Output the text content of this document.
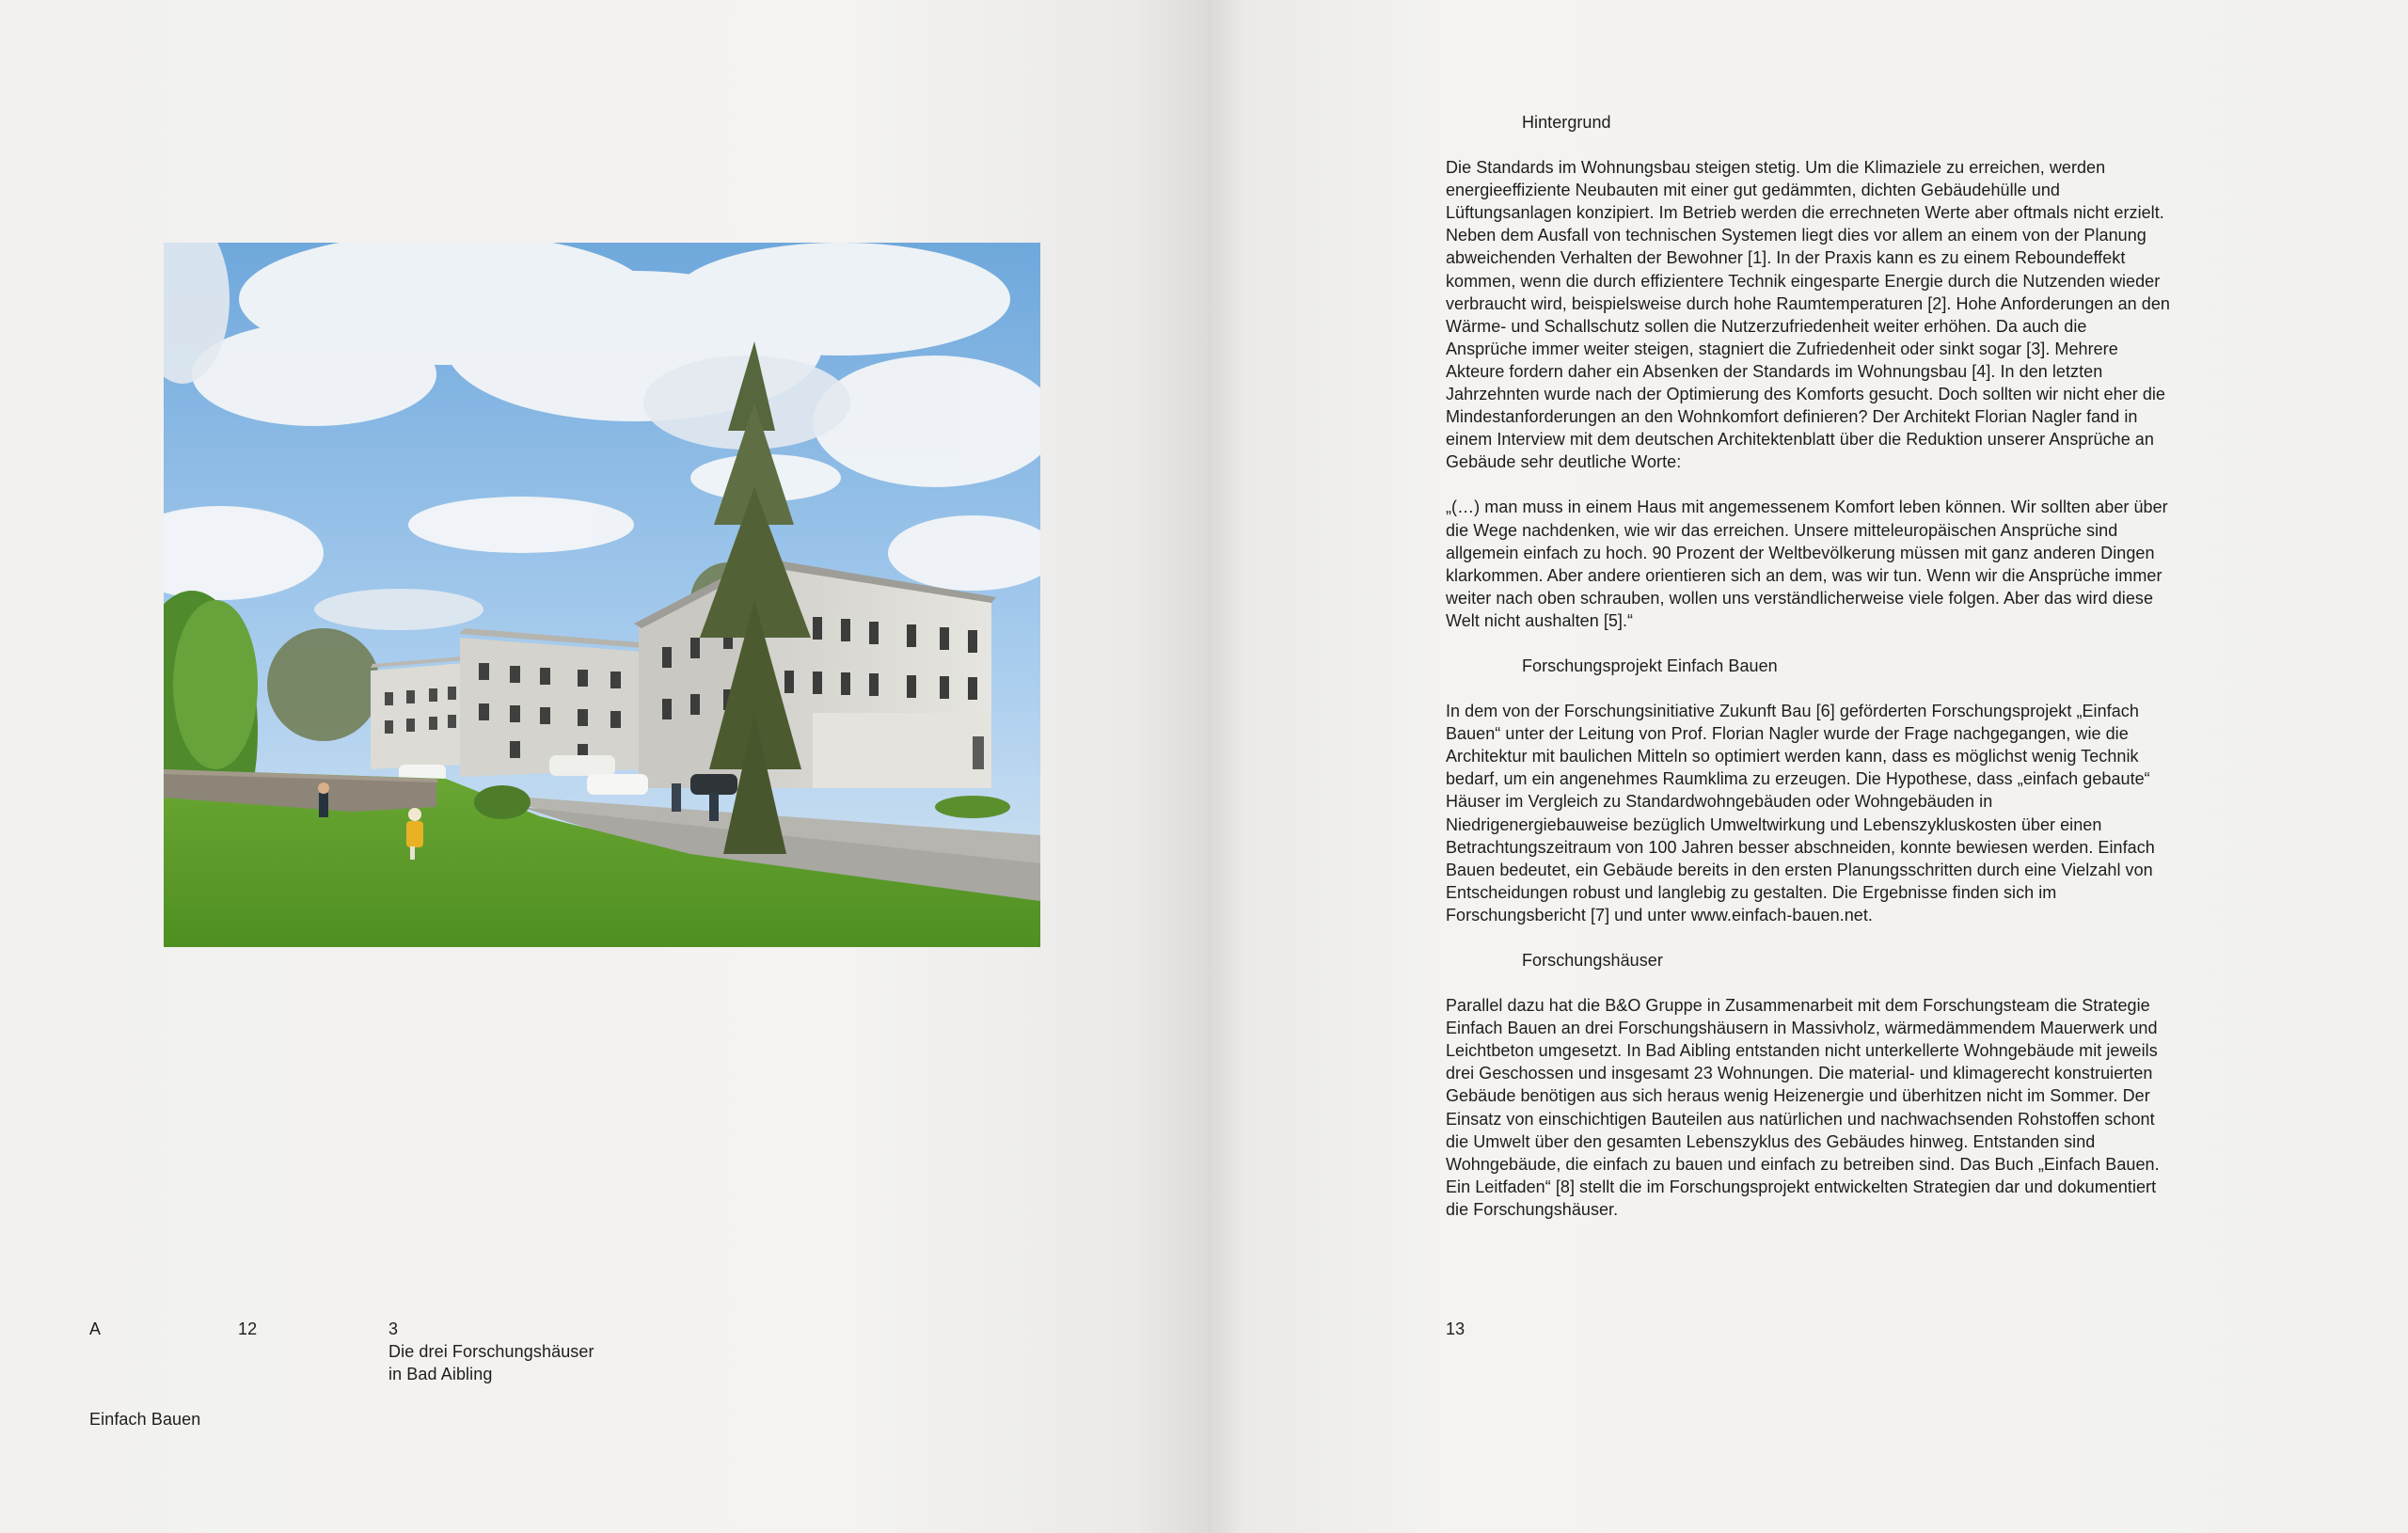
A	12	3
Die drei Forschungshäuser
in Bad Aibling
Einfach Bauen
Hintergrund

Die Standards im Wohnungsbau steigen stetig. Um die Klimaziele zu erreichen, werden energieeffiziente Neubauten mit einer gut gedämmten, dichten Gebäudehülle und Lüftungsanlagen konzipiert. Im Betrieb werden die errechneten Werte aber oftmals nicht erzielt. Neben dem Ausfall von technischen Systemen liegt dies vor allem an einem von der Planung abweichenden Verhalten der Bewohner [1]. In der Praxis kann es zu einem Reboundeffekt kommen, wenn die durch effizientere Technik eingesparte Energie durch die Nutzenden wieder verbraucht wird, beispielsweise durch hohe Raumtemperaturen [2]. Hohe Anforderungen an den Wärme- und Schallschutz sollen die Nutzerzufriedenheit weiter erhöhen. Da auch die Ansprüche immer weiter steigen, stagniert die Zufriedenheit oder sinkt sogar [3]. Mehrere Akteure fordern daher ein Absenken der Standards im Wohnungsbau [4]. In den letzten Jahrzehnten wurde nach der Optimierung des Komforts gesucht. Doch sollten wir nicht eher die Mindestanforderungen an den Wohnkomfort definieren? Der Architekt Florian Nagler fand in einem Interview mit dem deutschen Architektenblatt über die Reduktion unserer Ansprüche an Gebäude sehr deutliche Worte:

„(…) man muss in einem Haus mit angemessenem Komfort leben können. Wir sollten aber über die Wege nachdenken, wie wir das erreichen. Unsere mitteleuropäischen Ansprüche sind allgemein einfach zu hoch. 90 Prozent der Weltbevölkerung müssen mit ganz anderen Dingen klarkommen. Aber andere orientieren sich an dem, was wir tun. Wenn wir die Ansprüche immer weiter nach oben schrauben, wollen uns verständlicherweise viele folgen. Aber das wird diese Welt nicht aushalten [5].“

Forschungsprojekt Einfach Bauen

In dem von der Forschungsinitiative Zukunft Bau [6] geförderten Forschungsprojekt „Einfach Bauen“ unter der Leitung von Prof. Florian Nagler wurde der Frage nachgegangen, wie die Architektur mit baulichen Mitteln so optimiert werden kann, dass es möglichst wenig Technik bedarf, um ein angenehmes Raumklima zu erzeugen. Die Hypothese, dass „einfach gebaute“ Häuser im Vergleich zu Standardwohngebäuden oder Wohngebäuden in Niedrigenergiebauweise bezüglich Umweltwirkung und Lebenszykluskosten über einen Betrachtungszeitraum von 100 Jahren besser abschneiden, konnte bewiesen werden. Einfach Bauen bedeutet, ein Gebäude bereits in den ersten Planungsschritten durch eine Vielzahl von Entscheidungen robust und langlebig zu gestalten. Die Ergebnisse finden sich im Forschungsbericht [7] und unter www.einfach-bauen.net.

Forschungshäuser

Parallel dazu hat die B&O Gruppe in Zusammenarbeit mit dem Forschungsteam die Strategie Einfach Bauen an drei Forschungshäusern in Massivholz, wärmedämmendem Mauerwerk und Leichtbeton umgesetzt. In Bad Aibling entstanden nicht unterkellerte Wohngebäude mit jeweils drei Geschossen und insgesamt 23 Wohnungen. Die material- und klimagerecht konstruierten Gebäude benötigen aus sich heraus wenig Heizenergie und überhitzen nicht im Sommer. Der Einsatz von einschichtigen Bauteilen aus natürlichen und nachwachsenden Rohstoffen schont die Umwelt über den gesamten Lebenszyklus des Gebäudes hinweg. Entstanden sind Wohngebäude, die einfach zu bauen und einfach zu betreiben sind. Das Buch „Einfach Bauen. Ein Leitfaden“ [8] stellt die im Forschungsprojekt entwickelten Strategien dar und dokumentiert die Forschungshäuser.

13
